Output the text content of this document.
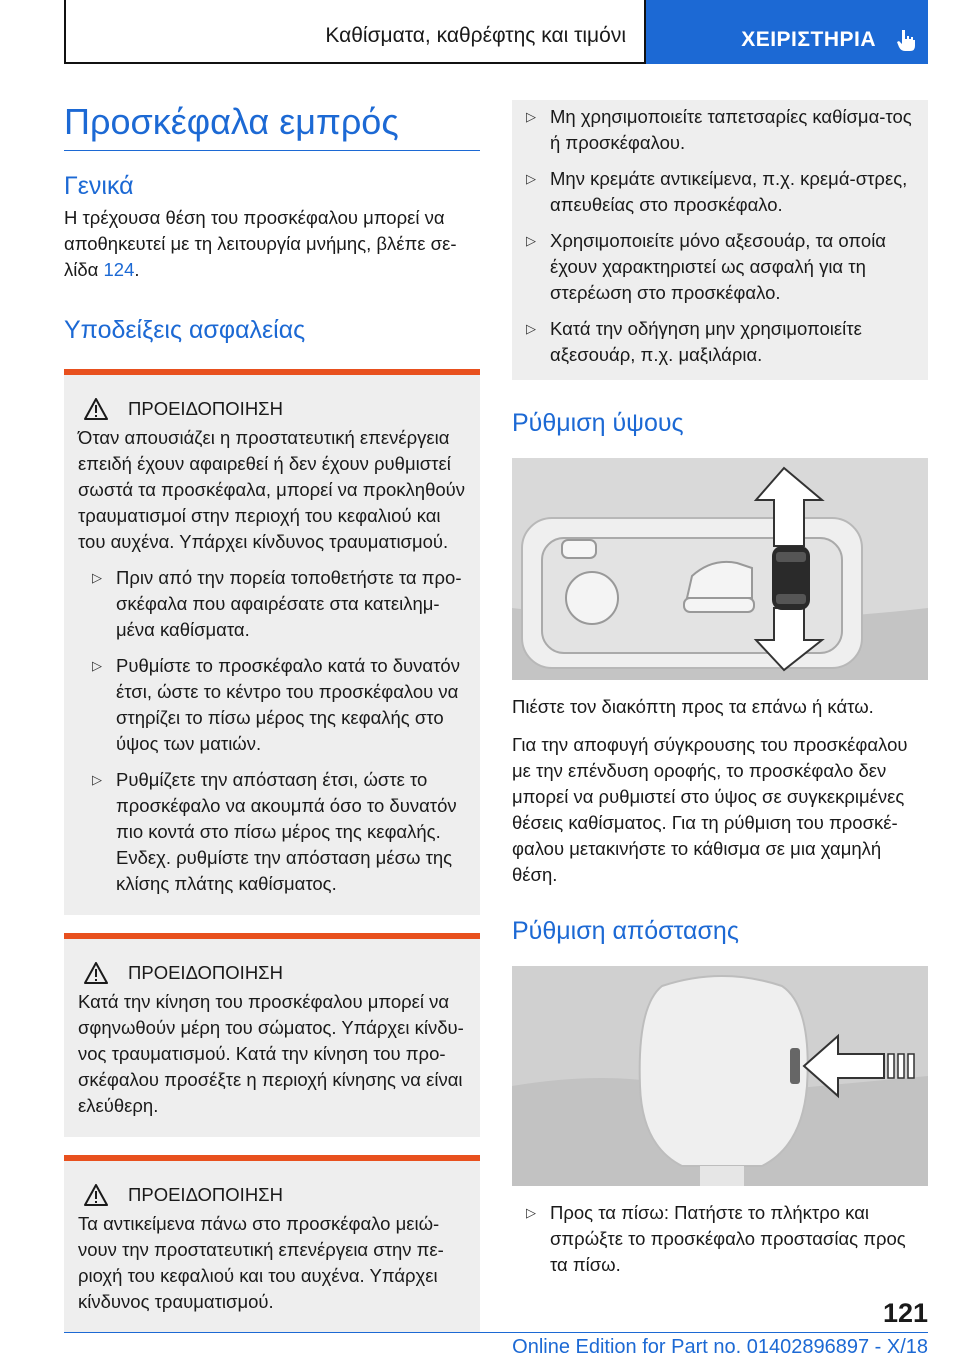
Καθίσματα, καθρέφτης και τιμόνι	ΧΕΙΡΙΣΤΗΡΙΑ
Προσκέφαλα εμπρός
Γενικά

Η τρέχουσα θέση του προσκέφαλου μπορεί να αποθηκευτεί με τη λειτουργία μνήμης, βλέπε σε-λίδα 124.

Υποδείξεις ασφαλείας
ΠΡΟΕΙΔΟΠΟΙΗΣΗ

Όταν απουσιάζει η προστατευτική επενέργεια επειδή έχουν αφαιρεθεί ή δεν έχουν ρυθμιστεί σωστά τα προσκέφαλα, μπορεί να προκληθούν τραυματισμοί στην περιοχή του κεφαλιού και του αυχένα. Υπάρχει κίνδυνος τραυματισμού.

▷ Πριν από την πορεία τοποθετήστε τα προ-σκέφαλα που αφαιρέσατε στα κατειλημ-μένα καθίσματα.
▷ Ρυθμίστε το προσκέφαλο κατά το δυνατόν έτσι, ώστε το κέντρο του προσκέφαλου να στηρίζει το πίσω μέρος της κεφαλής στο ύψος των ματιών.
▷ Ρυθμίζετε την απόσταση έτσι, ώστε το προσκέφαλο να ακουμπά όσο το δυνατόν πιο κοντά στο πίσω μέρος της κεφαλής. Ενδεχ. ρυθμίστε την απόσταση μέσω της κλίσης πλάτης καθίσματος.
ΠΡΟΕΙΔΟΠΟΙΗΣΗ

Κατά την κίνηση του προσκέφαλου μπορεί να σφηνωθούν μέρη του σώματος. Υπάρχει κίνδυ-νος τραυματισμού. Κατά την κίνηση του προ-σκέφαλου προσέξτε η περιοχή κίνησης να είναι ελεύθερη.

ΠΡΟΕΙΔΟΠΟΙΗΣΗ

Τα αντικείμενα πάνω στο προσκέφαλο μειώ-νουν την προστατευτική επενέργεια στην πε-ριοχή του κεφαλιού και του αυχένα. Υπάρχει κίνδυνος τραυματισμού.

▷ Μη χρησιμοποιείτε ταπετσαρίες καθίσμα-τος ή προσκέφαλου.
▷ Μην κρεμάτε αντικείμενα, π.χ. κρεμά-στρες, απευθείας στο προσκέφαλο.
▷ Χρησιμοποιείτε μόνο αξεσουάρ, τα οποία έχουν χαρακτηριστεί ως ασφαλή για τη στερέωση στο προσκέφαλο.
▷ Κατά την οδήγηση μην χρησιμοποιείτε αξεσουάρ, π.χ. μαξιλάρια.
Ρύθμιση ύψους

Πιέστε τον διακόπτη προς τα επάνω ή κάτω.

Για την αποφυγή σύγκρουσης του προσκέφαλου με την επένδυση οροφής, το προσκέφαλο δεν μπορεί να ρυθμιστεί στο ύψος σε συγκεκριμένες θέσεις καθίσματος. Για τη ρύθμιση του προσκέ-φαλου μετακινήστε το κάθισμα σε μια χαμηλή θέση.

Ρύθμιση απόστασης
▷ Προς τα πίσω: Πατήστε το πλήκτρο και σπρώξτε το προσκέφαλο προστασίας προς τα πίσω.
121
Online Edition for Part no. 01402896897 - X/18
